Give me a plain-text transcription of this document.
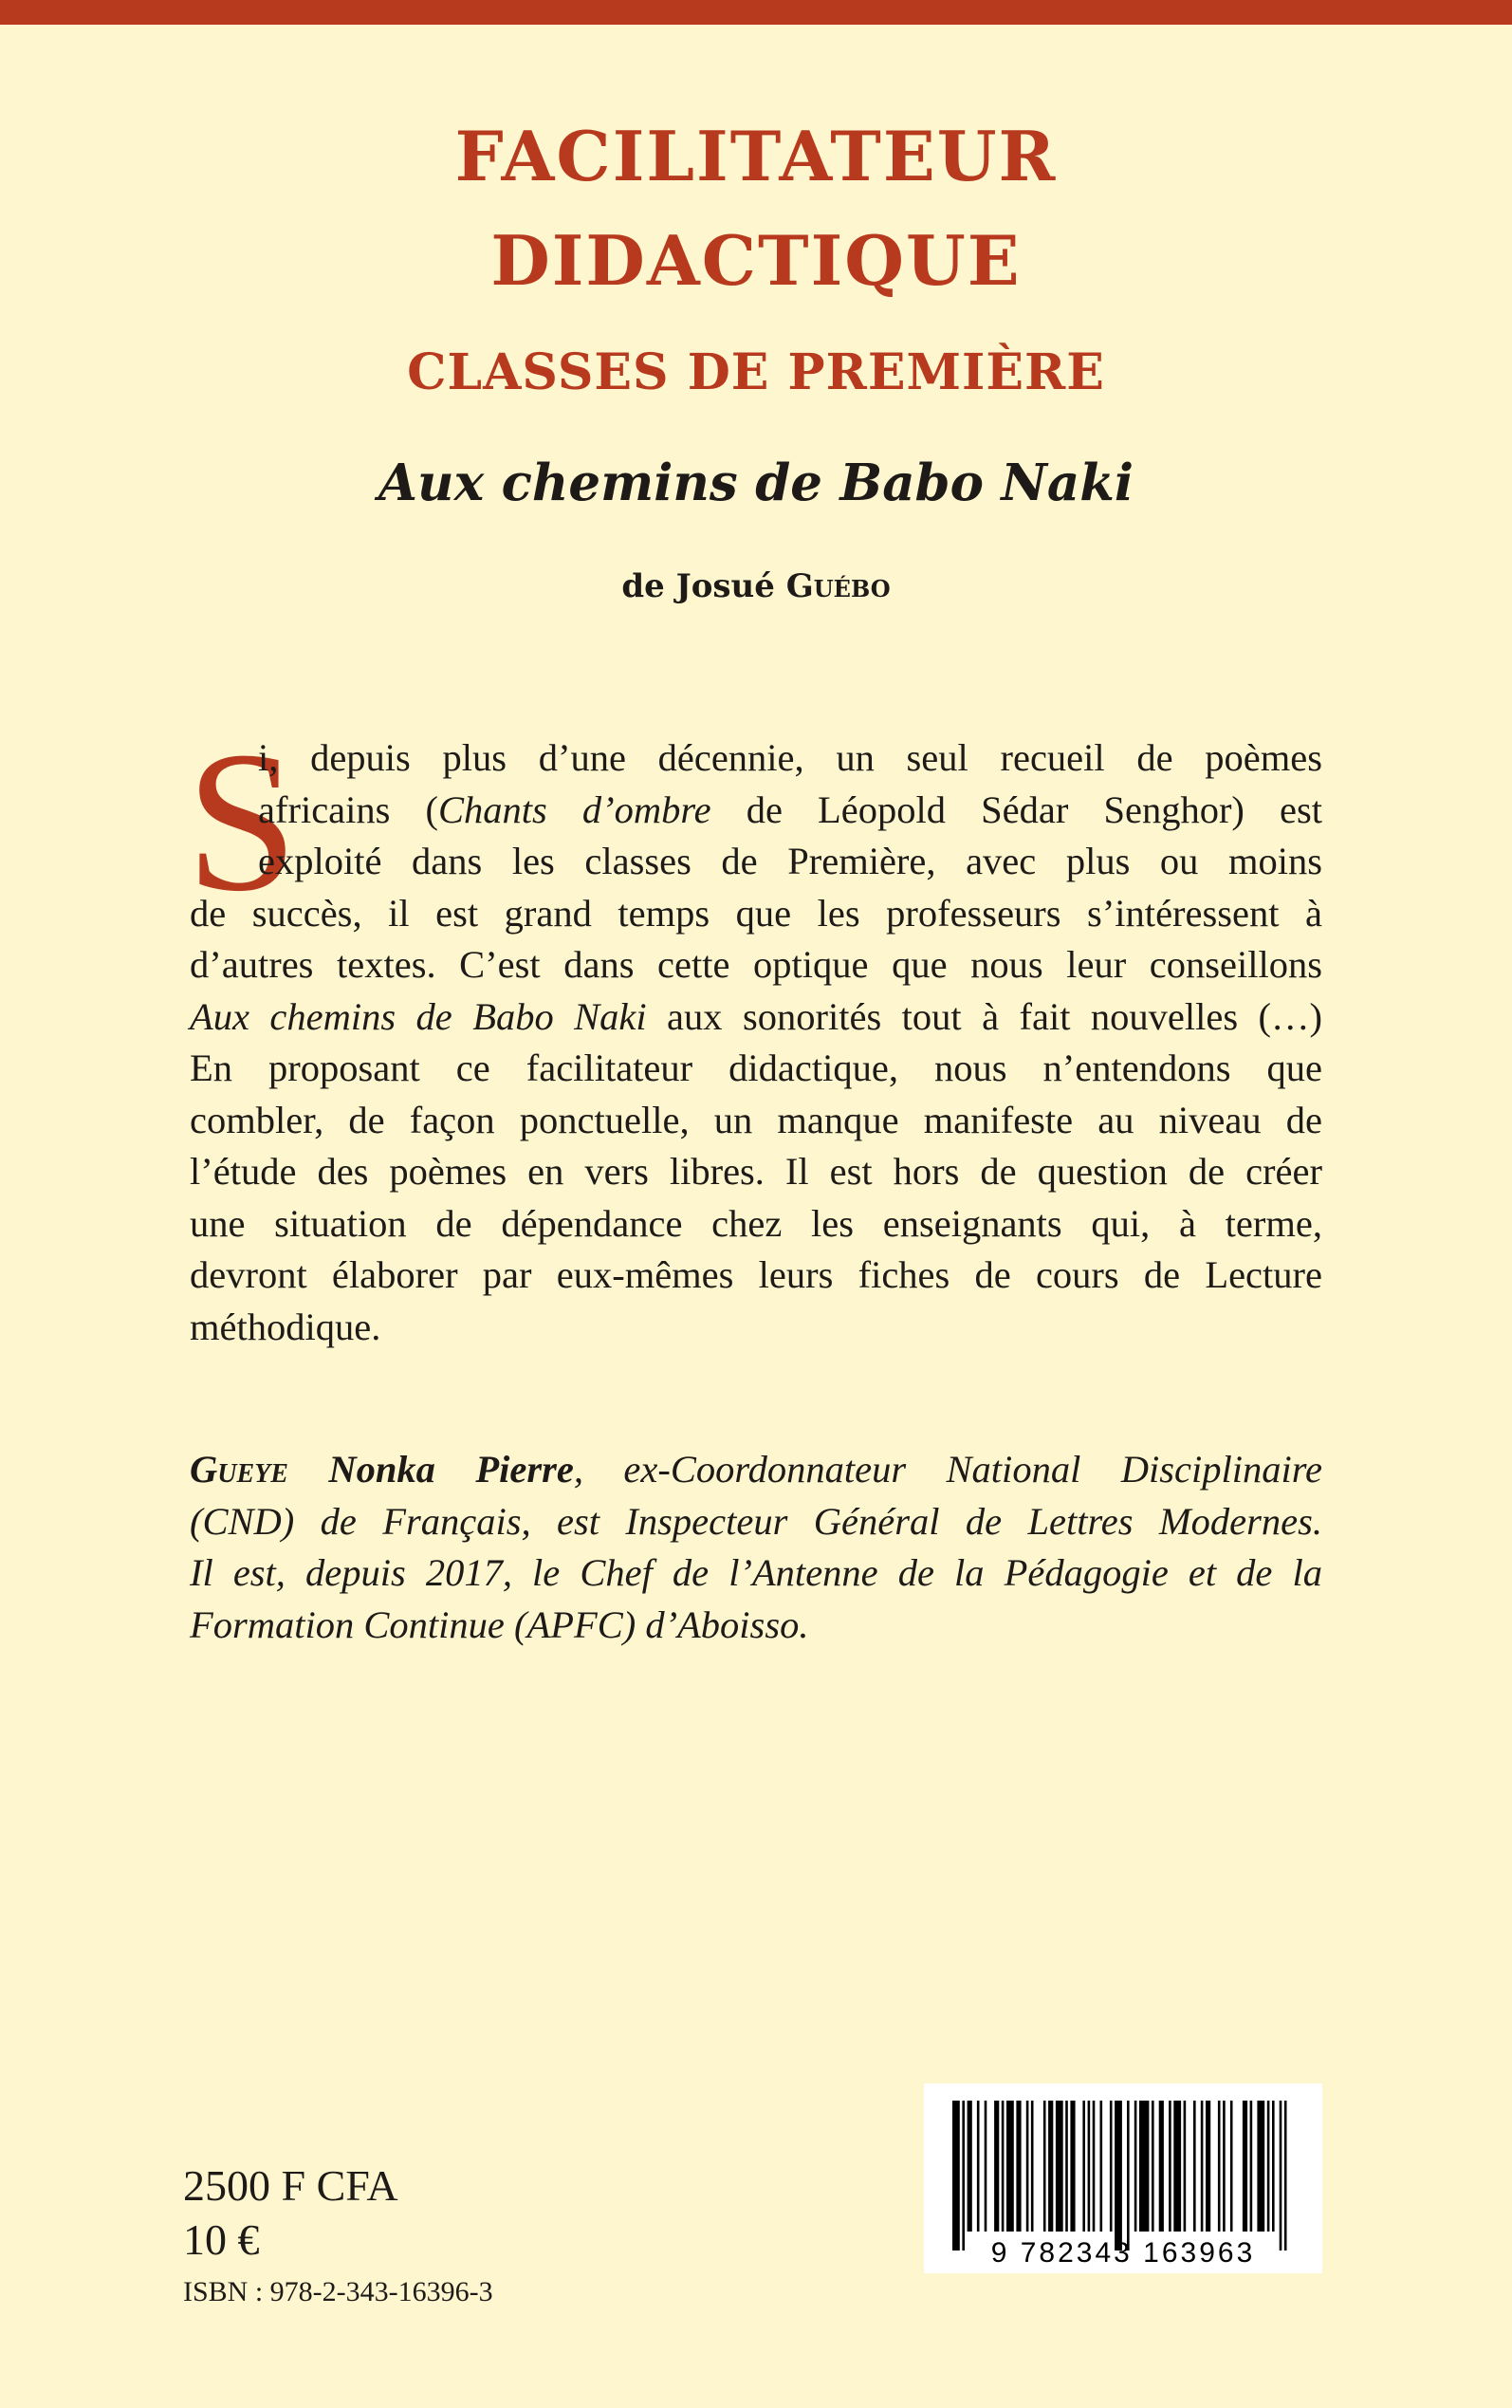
FACILITATEUR
DIDACTIQUE
CLASSES DE PREMIÈRE
Aux chemins de Babo Naki
de Josué Guébo
S
i, depuis plus d’une décennie, un seul recueil de poèmes
africains (Chants d’ombre de Léopold Sédar Senghor) est
exploité dans les classes de Première, avec plus ou moins
de succès, il est grand temps que les professeurs s’intéressent à
d’autres textes. C’est dans cette optique que nous leur conseillons
Aux chemins de Babo Naki aux sonorités tout à fait nouvelles (…)
En proposant ce facilitateur didactique, nous n’entendons que
combler, de façon ponctuelle, un manque manifeste au niveau de
l’étude des poèmes en vers libres. Il est hors de question de créer
une situation de dépendance chez les enseignants qui, à terme,
devront élaborer par eux-mêmes leurs fiches de cours de Lecture
méthodique.
Gueye Nonka Pierre, ex-Coordonnateur National Disciplinaire
(CND) de Français, est Inspecteur Général de Lettres Modernes.
Il est, depuis 2017, le Chef de l’Antenne de la Pédagogie et de la
Formation Continue (APFC) d’Aboisso.
2500 F CFA
10 €
ISBN : 978-2-343-16396-3
9 782343 163963
